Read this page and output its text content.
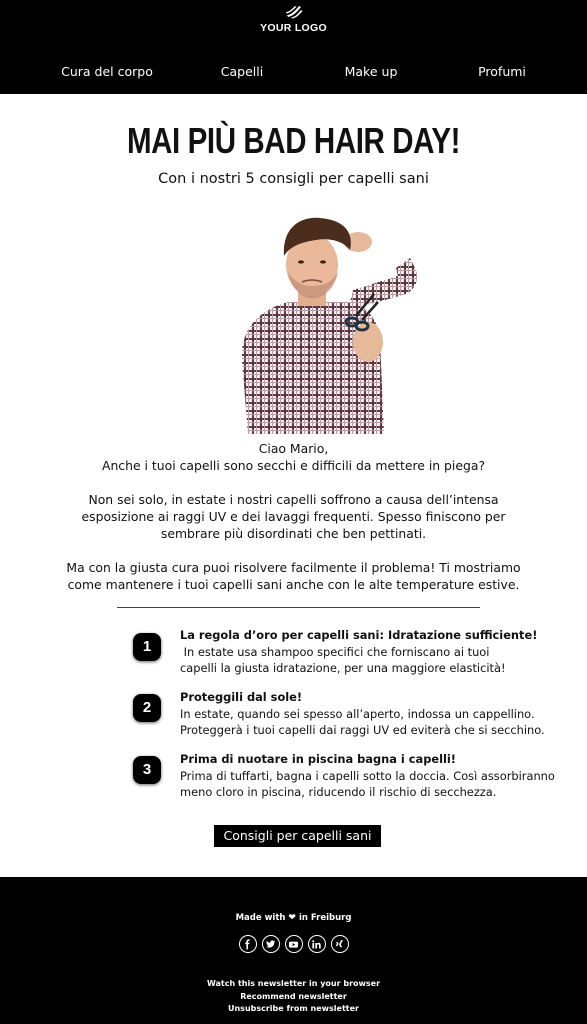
YOUR LOGO
Cura del corpo	Capelli	Make up	Profumi
MAI PIÙ BAD HAIR DAY!
Con i nostri 5 consigli per capelli sani
Ciao Mario,
Anche i tuoi capelli sono secchi e difficili da mettere in piega?
Non sei solo, in estate i nostri capelli soffrono a causa dell’intensa
esposizione ai raggi UV e dei lavaggi frequenti. Spesso finiscono per
sembrare più disordinati che ben pettinati.
Ma con la giusta cura puoi risolvere facilmente il problema! Ti mostriamo
come mantenere i tuoi capelli sani anche con le alte temperature estive.
1
La regola d’oro per capelli sani: Idratazione sufficiente!
In estate usa shampoo specifici che forniscano ai tuoi
capelli la giusta idratazione, per una maggiore elasticità!
2
Proteggili dal sole!
In estate, quando sei spesso all’aperto, indossa un cappellino.
Proteggerà i tuoi capelli dai raggi UV ed eviterà che si secchino.
3
Prima di nuotare in piscina bagna i capelli!
Prima di tuffarti, bagna i capelli sotto la doccia. Così assorbiranno
meno cloro in piscina, riducendo il rischio di secchezza.
Consigli per capelli sani
Made with ❤ in Freiburg
Watch this newsletter in your browser
Recommend newsletter
Unsubscribe from newsletter
